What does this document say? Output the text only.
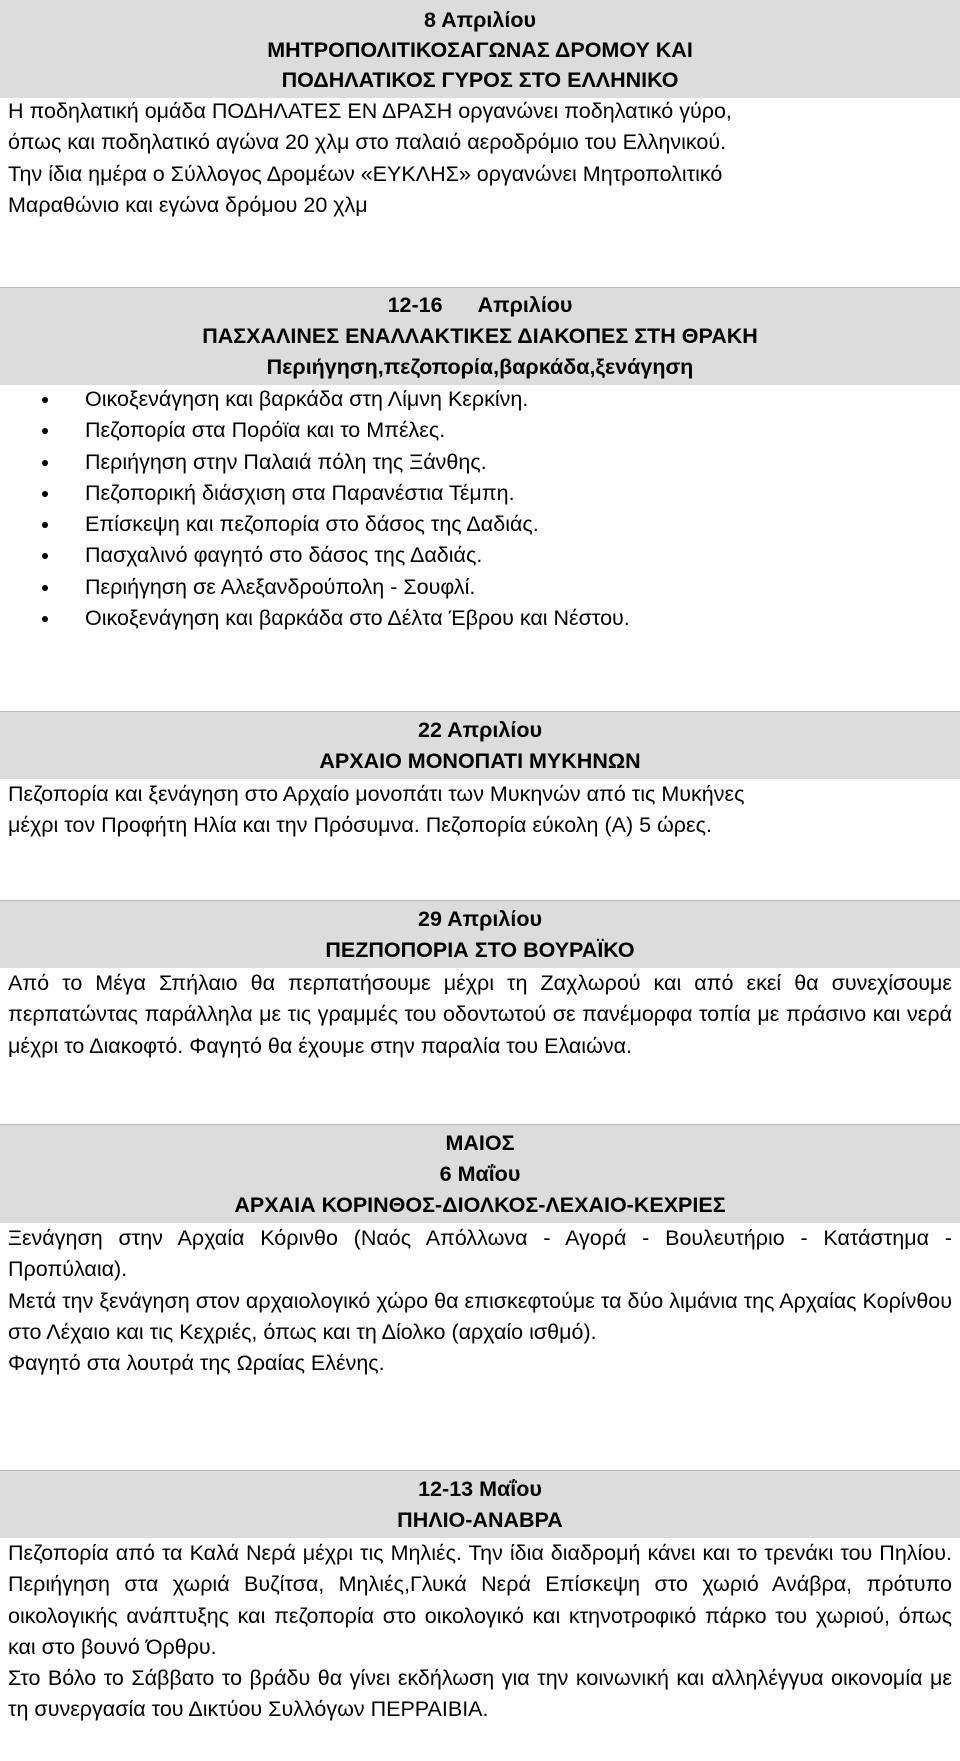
8 Απριλίου
ΜΗΤΡΟΠΟΛΙΤΙΚΟΣΑΓΩΝΑΣ ΔΡΟΜΟΥ ΚΑΙ
ΠΟΔΗΛΑΤΙΚΟΣ ΓΥΡΟΣ ΣΤΟ ΕΛΛΗΝΙΚΟ
Η ποδηλατική ομάδα ΠΟΔΗΛΑΤΕΣ ΕΝ ΔΡΑΣΗ οργανώνει ποδηλατικό γύρο,
όπως και ποδηλατικό αγώνα 20 χλμ στο παλαιό αεροδρόμιο του Ελληνικού.
Την ίδια ημέρα ο Σύλλογος Δρομέων «ΕΥΚΛΗΣ» οργανώνει Μητροπολιτικό
Μαραθώνιο και εγώνα δρόμου 20 χλμ
12-16      Απριλίου
ΠΑΣΧΑΛΙΝΕΣ ΕΝΑΛΛΑΚΤΙΚΕΣ ΔΙΑΚΟΠΕΣ ΣΤΗ ΘΡΑΚΗ
Περιήγηση,πεζοπορία,βαρκάδα,ξενάγηση
Οικοξενάγηση και βαρκάδα στη Λίμνη Κερκίνη.
Πεζοπορία στα Πορόϊα και το Μπέλες.
Περιήγηση στην Παλαιά πόλη της Ξάνθης.
Πεζοπορική διάσχιση στα Παρανέστια Τέμπη.
Επίσκεψη και πεζοπορία στο δάσος της Δαδιάς.
Πασχαλινό φαγητό στο δάσος της Δαδιάς.
Περιήγηση σε Αλεξανδρούπολη - Σουφλί.
Οικοξενάγηση και βαρκάδα στο Δέλτα Έβρου και Νέστου.
22 Απριλίου
ΑΡΧΑΙΟ ΜΟΝΟΠΑΤΙ ΜΥΚΗΝΩΝ
Πεζοπορία και ξενάγηση στο Αρχαίο μονοπάτι των Μυκηνών από τις Μυκήνες
μέχρι τον Προφήτη Ηλία και την Πρόσυμνα. Πεζοπορία εύκολη (Α) 5 ώρες.
29 Απριλίου
ΠΕΖΠΟΠΟΡΙΑ ΣΤΟ ΒΟΥΡΑΪΚΟ
Από το Μέγα Σπήλαιο θα περπατήσουμε μέχρι τη Ζαχλωρού και από εκεί θα συνεχίσουμε περπατώντας παράλληλα με τις γραμμές του οδοντωτού σε πανέμορφα τοπία με πράσινο και νερά μέχρι το Διακοφτό. Φαγητό θα έχουμε στην παραλία του Ελαιώνα.
ΜΑΙΟΣ
6 Μαΐου
ΑΡΧΑΙΑ ΚΟΡΙΝΘΟΣ-ΔΙΟΛΚΟΣ-ΛΕΧΑΙΟ-ΚΕΧΡΙΕΣ
Ξενάγηση στην Αρχαία Κόρινθο (Ναός Απόλλωνα - Αγορά - Βουλευτήριο - Κατάστημα - Προπύλαια).
Μετά την ξενάγηση στον αρχαιολογικό χώρο θα επισκεφτούμε τα δύο λιμάνια της Αρχαίας Κορίνθου στο Λέχαιο και τις Κεχριές, όπως και τη Δίολκο (αρχαίο ισθμό).
Φαγητό στα λουτρά της Ωραίας Ελένης.
12-13 Μαΐου
ΠΗΛΙΟ-ΑΝΑΒΡΑ
Πεζοπορία από τα Καλά Νερά μέχρι τις Μηλιές. Την ίδια διαδρομή κάνει και το τρενάκι του Πηλίου. Περιήγηση στα χωριά Βυζίτσα, Μηλιές,Γλυκά Νερά Επίσκεψη στο χωριό Ανάβρα, πρότυπο οικολογικής ανάπτυξης και πεζοπορία στο οικολογικό και κτηνοτροφικό πάρκο του χωριού, όπως και στο βουνό Όρθρυ.
Στο Βόλο το Σάββατο το βράδυ θα γίνει εκδήλωση για την κοινωνική και αλληλέγγυα οικονομία με τη συνεργασία του Δικτύου Συλλόγων ΠΕΡΡΑΙΒΙΑ.
